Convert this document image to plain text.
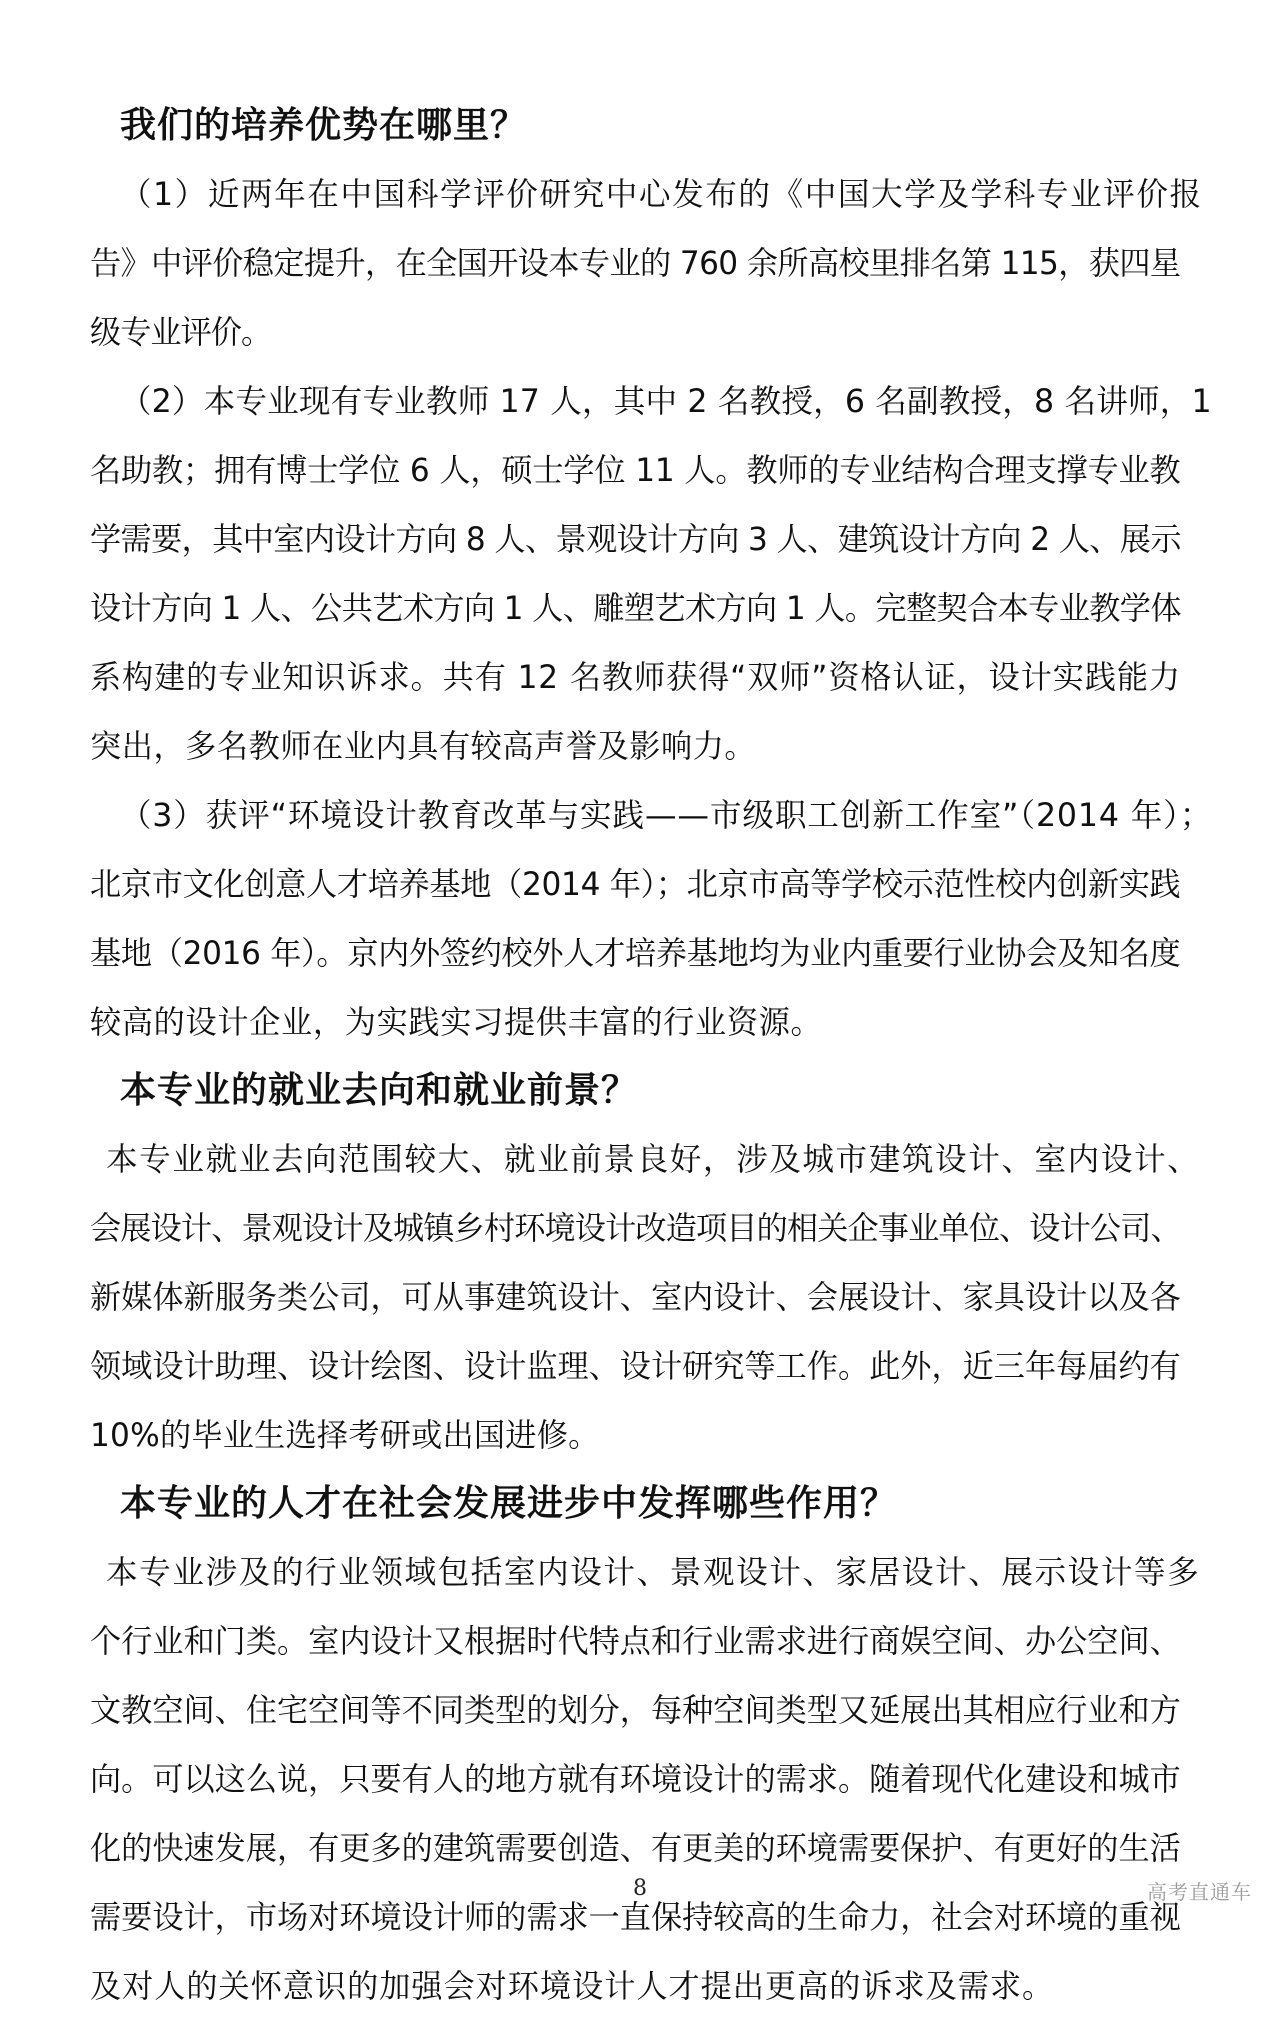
我们的培养优势在哪里？

（1）近两年在中国科学评价研究中心发布的《中国大学及学科专业评价报
告》中评价稳定提升，在全国开设本专业的 760 余所高校里排名第 115，获四星
级专业评价。

（2）本专业现有专业教师 17 人，其中 2 名教授，6 名副教授，8 名讲师，1
名助教；拥有博士学位 6 人，硕士学位 11 人。教师的专业结构合理支撑专业教
学需要，其中室内设计方向 8 人、景观设计方向 3 人、建筑设计方向 2 人、展示
设计方向 1 人、公共艺术方向 1 人、雕塑艺术方向 1 人。完整契合本专业教学体
系构建的专业知识诉求。共有 12 名教师获得“双师”资格认证，设计实践能力
突出，多名教师在业内具有较高声誉及影响力。

（3）获评“环境设计教育改革与实践——市级职工创新工作室”（2014 年）；
北京市文化创意人才培养基地（2014 年）；北京市高等学校示范性校内创新实践
基地（2016 年）。京内外签约校外人才培养基地均为业内重要行业协会及知名度
较高的设计企业，为实践实习提供丰富的行业资源。

本专业的就业去向和就业前景？

本专业就业去向范围较大、就业前景良好，涉及城市建筑设计、室内设计、
会展设计、景观设计及城镇乡村环境设计改造项目的相关企事业单位、设计公司、
新媒体新服务类公司，可从事建筑设计、室内设计、会展设计、家具设计以及各
领域设计助理、设计绘图、设计监理、设计研究等工作。此外，近三年每届约有
10%的毕业生选择考研或出国进修。

本专业的人才在社会发展进步中发挥哪些作用？

本专业涉及的行业领域包括室内设计、景观设计、家居设计、展示设计等多
个行业和门类。室内设计又根据时代特点和行业需求进行商娱空间、办公空间、
文教空间、住宅空间等不同类型的划分，每种空间类型又延展出其相应行业和方
向。可以这么说，只要有人的地方就有环境设计的需求。随着现代化建设和城市
化的快速发展，有更多的建筑需要创造、有更美的环境需要保护、有更好的生活
需要设计，市场对环境设计师的需求一直保持较高的生命力，社会对环境的重视
及对人的关怀意识的加强会对环境设计人才提出更高的诉求及需求。

8	高考直通车
